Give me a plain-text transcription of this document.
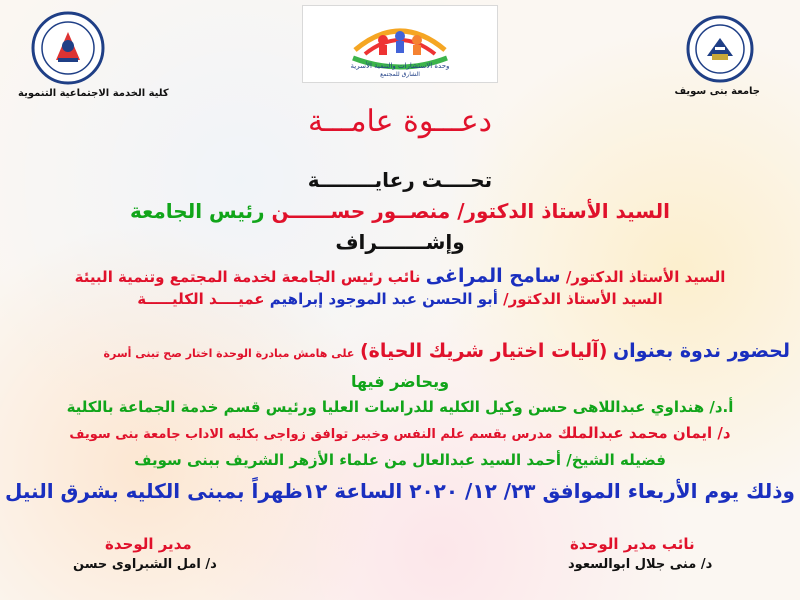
جامعة بنى سويف
كلية الخدمة الاجتماعية التنموية
وحدة الاستشارات والتنمية الأسرية
الشارق للمجتمع
دعـــوة عامـــة
تحــــت رعايــــــــة
السيد الأستاذ الدكتور/ منصــور حســــــن رئيس الجامعة
وإشـــــــراف
السيد الأستاذ الدكتور/ سامح المراغى نائب رئيس الجامعة لخدمة المجتمع وتنمية البيئة
السيد الأستاذ الدكتور/ أبو الحسن عبد الموجود إبراهيم عميــــد الكليـــــة
لحضور ندوة بعنوان (آليات اختيار شريك الحياة) على هامش مبادرة الوحدة اختار صح تبنى أسرة
ويحاضر فيها
أ.د/ هنداوي عبداللاهى حسن وكيل الكليه للدراسات العليا ورئيس قسم خدمة الجماعة بالكلية
د/ ايمان محمد عبدالملك مدرس بقسم علم النفس وخبير توافق زواجى بكليه الاداب جامعة بنى سويف
فضيله الشيخ/ أحمد السيد عبدالعال من علماء الأزهر الشريف ببنى سويف
وذلك يوم الأربعاء الموافق ٢٣/ ١٢/ ٢٠٢٠ الساعة ١٢ظهراً بمبنى الكليه بشرق النيل
نائب مدير الوحدة
د/ منى جلال ابوالسعود
مدير الوحدة
د/ امل الشبراوى حسن
